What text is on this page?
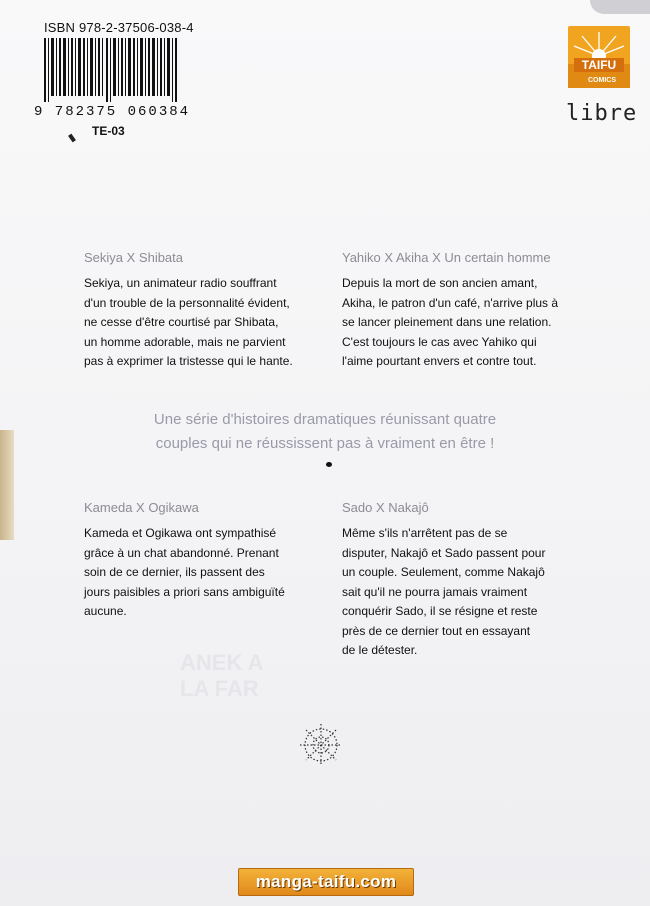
ANEK A
LA FAR
ISBN 978-2-37506-038-4
9 782375 060384
TE-03
TAIFU
COMICS
libre
Sekiya X Shibata
Sekiya, un animateur radio souffrant
d'un trouble de la personnalité évident,
ne cesse d'être courtisé par Shibata,
un homme adorable, mais ne parvient
pas à exprimer la tristesse qui le hante.
Yahiko X Akiha X Un certain homme
Depuis la mort de son ancien amant,
Akiha, le patron d'un café, n'arrive plus à
se lancer pleinement dans une relation.
C'est toujours le cas avec Yahiko qui
l'aime pourtant envers et contre tout.
Une série d'histoires dramatiques réunissant quatre
couples qui ne réussissent pas à vraiment en être !
Kameda X Ogikawa
Kameda et Ogikawa ont sympathisé
grâce à un chat abandonné. Prenant
soin de ce dernier, ils passent des
jours paisibles a priori sans ambiguïté
aucune.
Sado X Nakajô
Même s'ils n'arrêtent pas de se
disputer, Nakajô et Sado passent pour
un couple. Seulement, comme Nakajô
sait qu'il ne pourra jamais vraiment
conquérir Sado, il se résigne et reste
près de ce dernier tout en essayant
de le détester.
manga-taifu.com
